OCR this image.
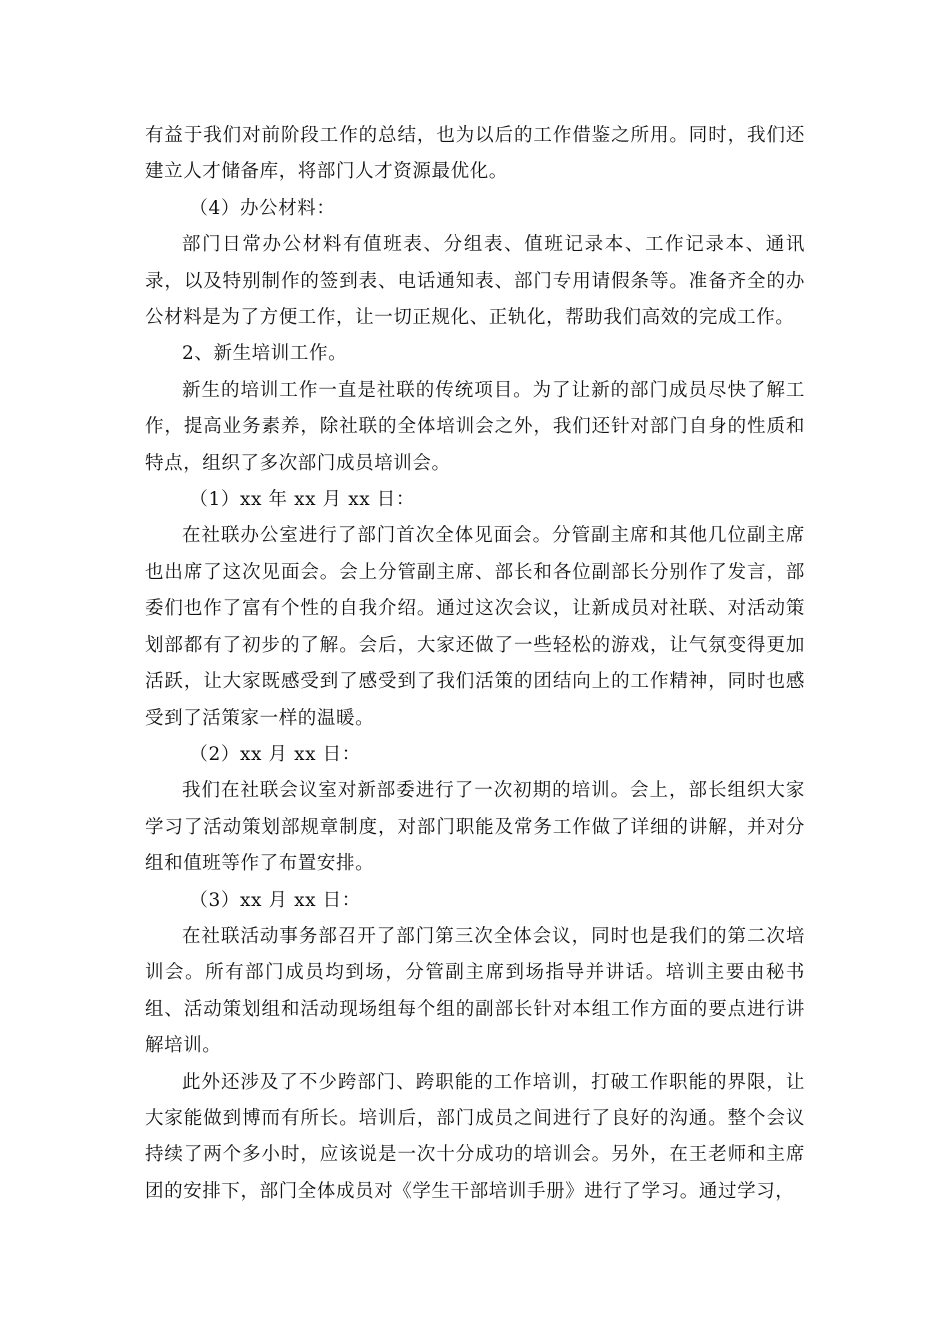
有益于我们对前阶段工作的总结，也为以后的工作借鉴之所用。同时，我们还建立人才储备库，将部门人才资源最优化。

（4）办公材料：

部门日常办公材料有值班表、分组表、值班记录本、工作记录本、通讯录，以及特别制作的签到表、电话通知表、部门专用请假条等。准备齐全的办公材料是为了方便工作，让一切正规化、正轨化，帮助我们高效的完成工作。

2、新生培训工作。

新生的培训工作一直是社联的传统项目。为了让新的部门成员尽快了解工作，提高业务素养，除社联的全体培训会之外，我们还针对部门自身的性质和特点，组织了多次部门成员培训会。

（1）xx 年 xx 月 xx 日：

在社联办公室进行了部门首次全体见面会。分管副主席和其他几位副主席也出席了这次见面会。会上分管副主席、部长和各位副部长分别作了发言，部委们也作了富有个性的自我介绍。通过这次会议，让新成员对社联、对活动策划部都有了初步的了解。会后，大家还做了一些轻松的游戏，让气氛变得更加活跃，让大家既感受到了感受到了我们活策的团结向上的工作精神，同时也感受到了活策家一样的温暖。

（2）xx 月 xx 日：

我们在社联会议室对新部委进行了一次初期的培训。会上，部长组织大家学习了活动策划部规章制度，对部门职能及常务工作做了详细的讲解，并对分组和值班等作了布置安排。

（3）xx 月 xx 日：

在社联活动事务部召开了部门第三次全体会议，同时也是我们的第二次培训会。所有部门成员均到场，分管副主席到场指导并讲话。培训主要由秘书组、活动策划组和活动现场组每个组的副部长针对本组工作方面的要点进行讲解培训。

此外还涉及了不少跨部门、跨职能的工作培训，打破工作职能的界限，让大家能做到博而有所长。培训后，部门成员之间进行了良好的沟通。整个会议持续了两个多小时，应该说是一次十分成功的培训会。另外，在王老师和主席团的安排下，部门全体成员对《学生干部培训手册》进行了学习。通过学习，
